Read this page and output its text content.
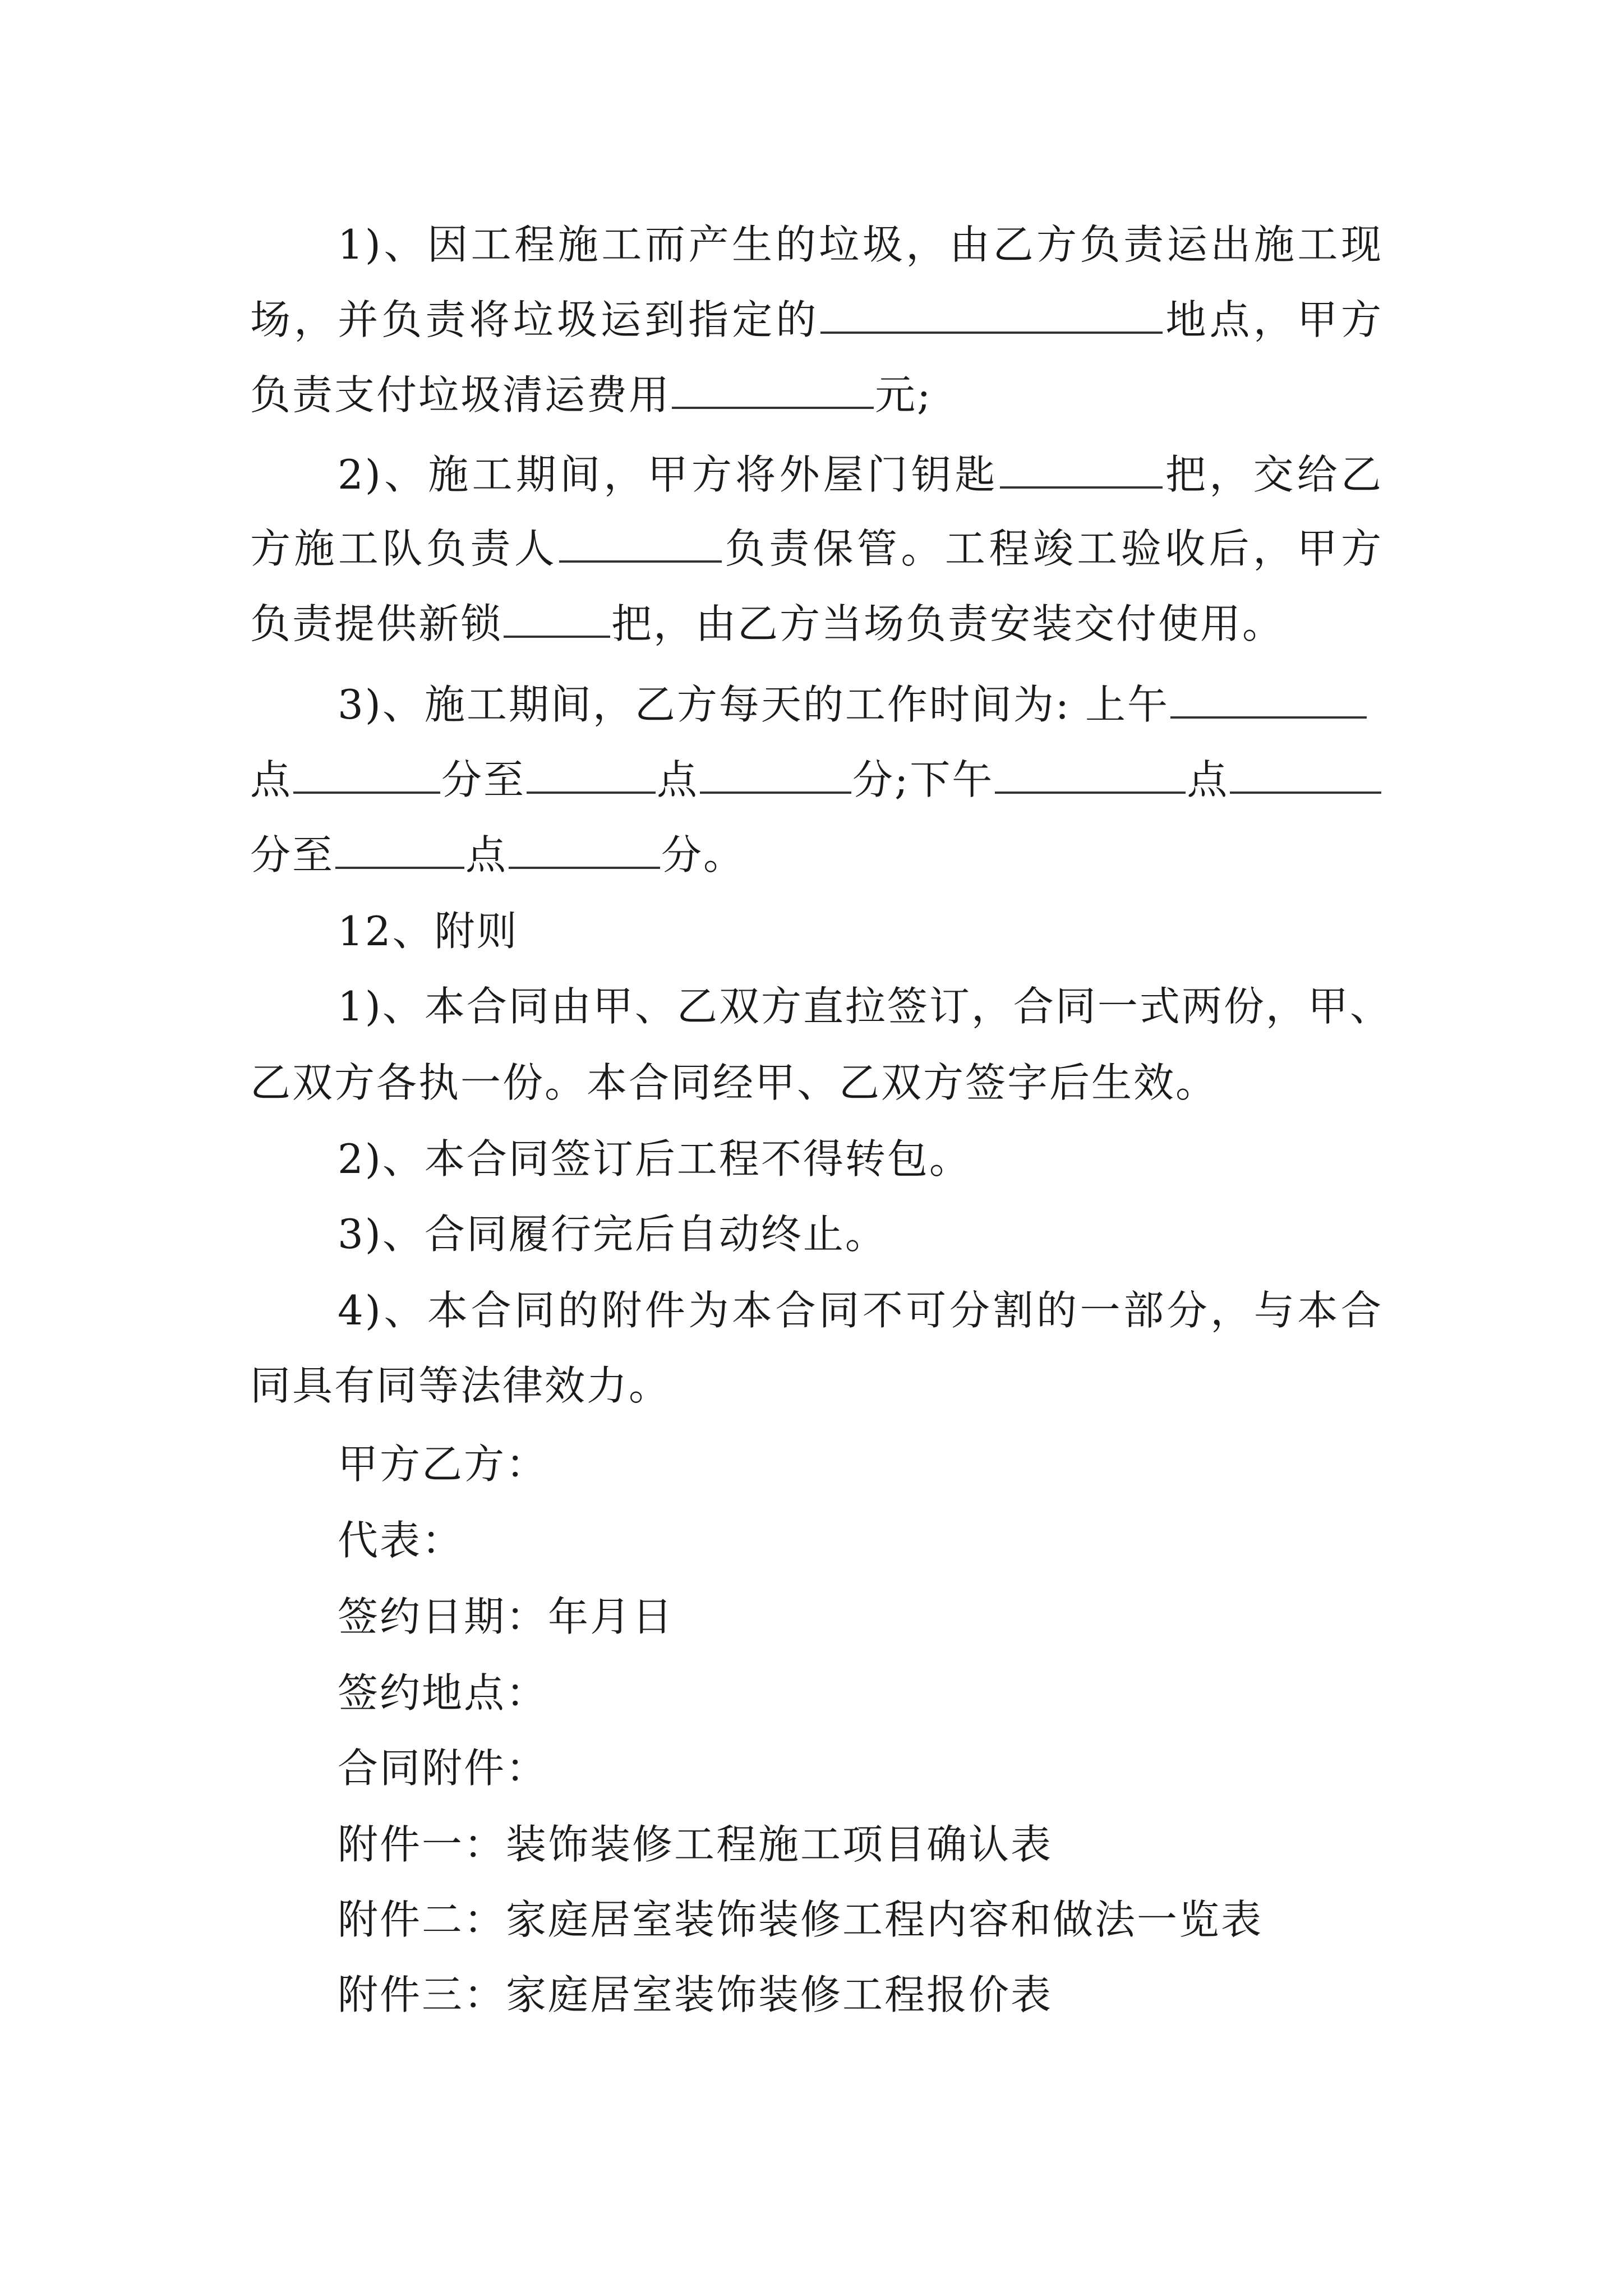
1)、因工程施工而产生的垃圾，由乙方负责运出施工现
场，并负责将垃圾运到指定的	地点，甲方
负责支付垃圾清运费用	元;
2)、施工期间，甲方将外屋门钥匙	把，交给乙
方施工队负责人	负责保管。工程竣工验收后，甲方
负责提供新锁	把，由乙方当场负责安装交付使用。
3)、施工期间，乙方每天的工作时间为: 上午
点	分至	点	分;下午	点
分至	点	分。
12、附则
1)、本合同由甲、乙双方直拉签订，合同一式两份，甲、
乙双方各执一份。本合同经甲、乙双方签字后生效。
2)、本合同签订后工程不得转包。
3)、合同履行完后自动终止。
4)、本合同的附件为本合同不可分割的一部分，与本合
同具有同等法律效力。
甲方乙方：
代表：
签约日期：年月日
签约地点：
合同附件：
附件一：装饰装修工程施工项目确认表
附件二：家庭居室装饰装修工程内容和做法一览表
附件三：家庭居室装饰装修工程报价表
